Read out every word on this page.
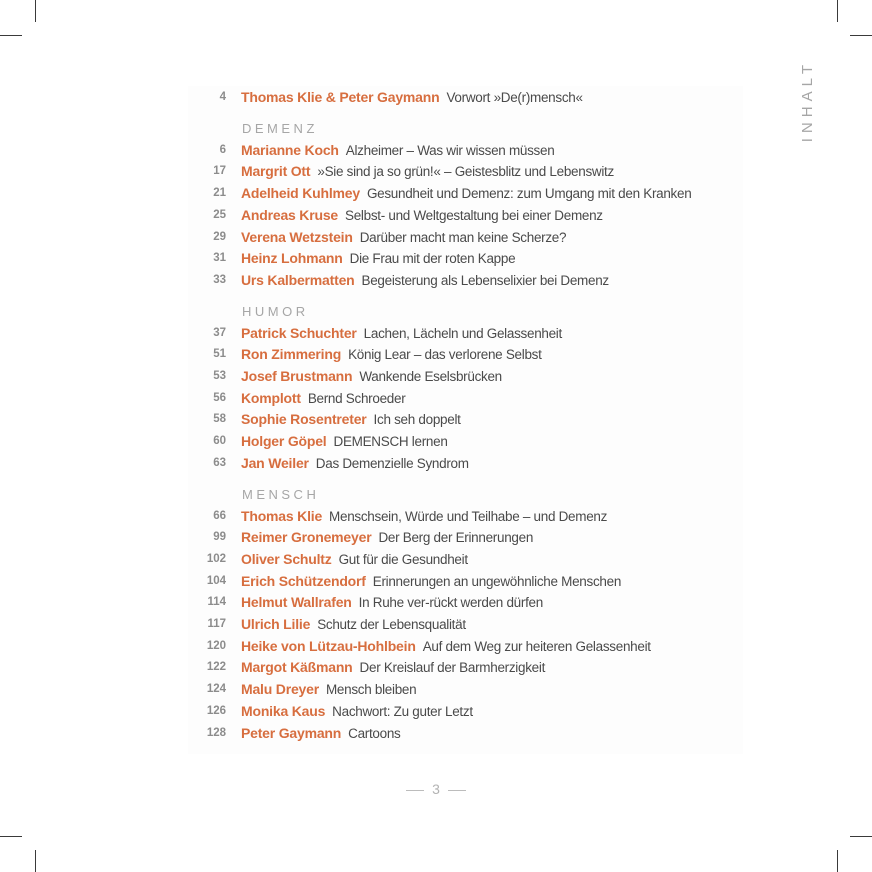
INHALT
4 Thomas Klie & Peter Gaymann Vorwort »De(r)mensch«
DEMENZ
6 Marianne Koch Alzheimer – Was wir wissen müssen
17 Margrit Ott »Sie sind ja so grün!« – Geistesblitz und Lebenswitz
21 Adelheid Kuhlmey Gesundheit und Demenz: zum Umgang mit den Kranken
25 Andreas Kruse Selbst- und Weltgestaltung bei einer Demenz
29 Verena Wetzstein Darüber macht man keine Scherze?
31 Heinz Lohmann Die Frau mit der roten Kappe
33 Urs Kalbermatten Begeisterung als Lebenselixier bei Demenz
HUMOR
37 Patrick Schuchter Lachen, Lächeln und Gelassenheit
51 Ron Zimmering König Lear – das verlorene Selbst
53 Josef Brustmann Wankende Eselsbrücken
56 Komplott Bernd Schroeder
58 Sophie Rosentreter Ich seh doppelt
60 Holger Göpel DEMENSCH lernen
63 Jan Weiler Das Demenzielle Syndrom
MENSCH
66 Thomas Klie Menschsein, Würde und Teilhabe – und Demenz
99 Reimer Gronemeyer Der Berg der Erinnerungen
102 Oliver Schultz Gut für die Gesundheit
104 Erich Schützendorf Erinnerungen an ungewöhnliche Menschen
114 Helmut Wallrafen In Ruhe ver-rückt werden dürfen
117 Ulrich Lilie Schutz der Lebensqualität
120 Heike von Lützau-Hohlbein Auf dem Weg zur heiteren Gelassenheit
122 Margot Käßmann Der Kreislauf der Barmherzigkeit
124 Malu Dreyer Mensch bleiben
126 Monika Kaus Nachwort: Zu guter Letzt
128 Peter Gaymann Cartoons
3
